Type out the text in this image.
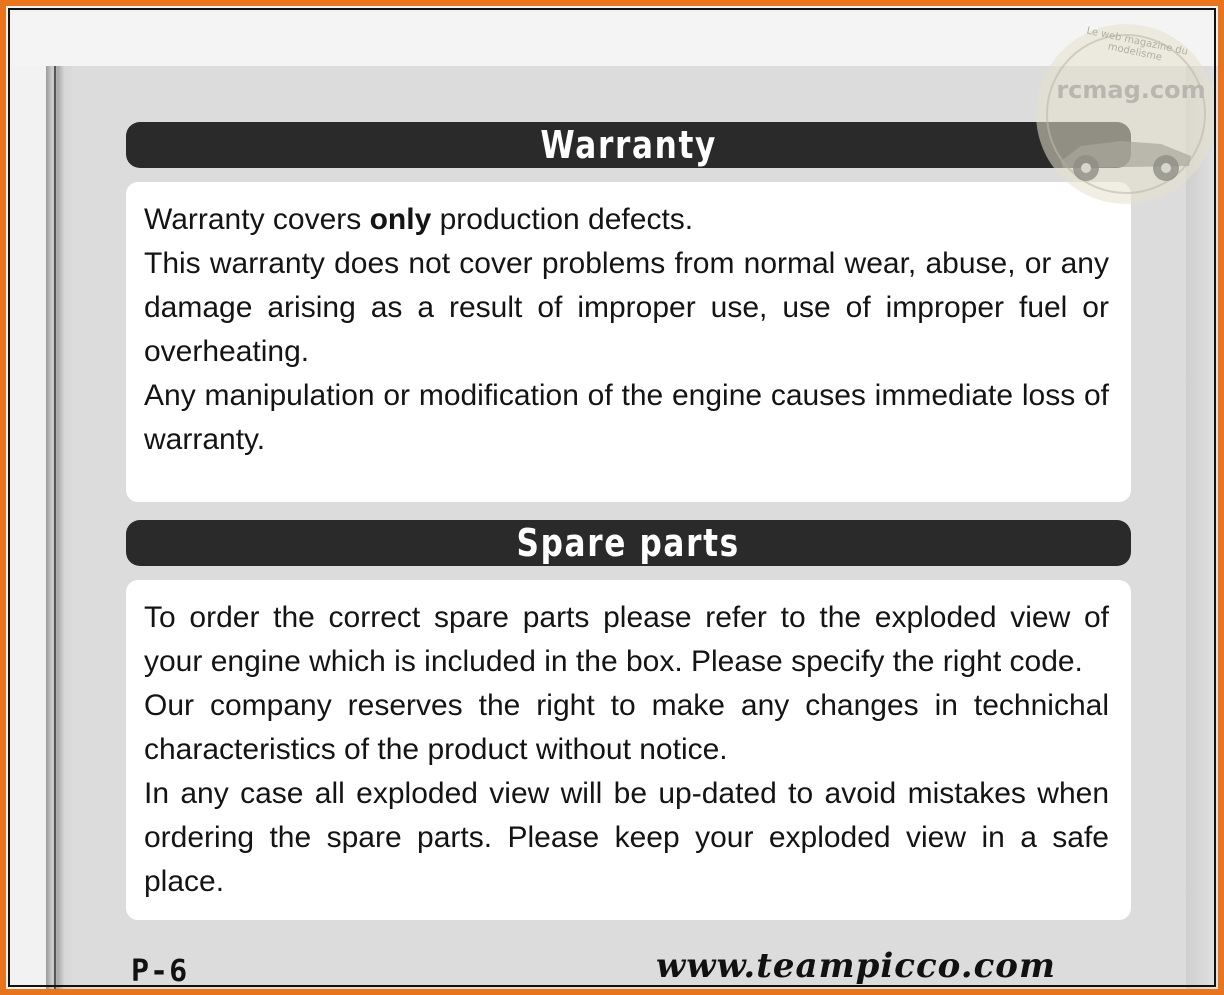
Warranty

Warranty covers only production defects.

This warranty does not cover problems from normal wear, abuse, or any damage arising as a result of improper use, use of improper fuel or overheating.

Any manipulation or modification of the engine causes immediate loss of warranty.

Spare parts

To order the correct spare parts please refer to the exploded view of your engine which is included in the box. Please specify the right code.

Our company reserves the right to make any changes in technichal characteristics of the product without notice.

In any case all exploded view will be up-dated to avoid mistakes when ordering the spare parts. Please keep your exploded view in a safe place.

P-6	www.teampicco.com
Le web magazine du modelisme
rcmag.com
